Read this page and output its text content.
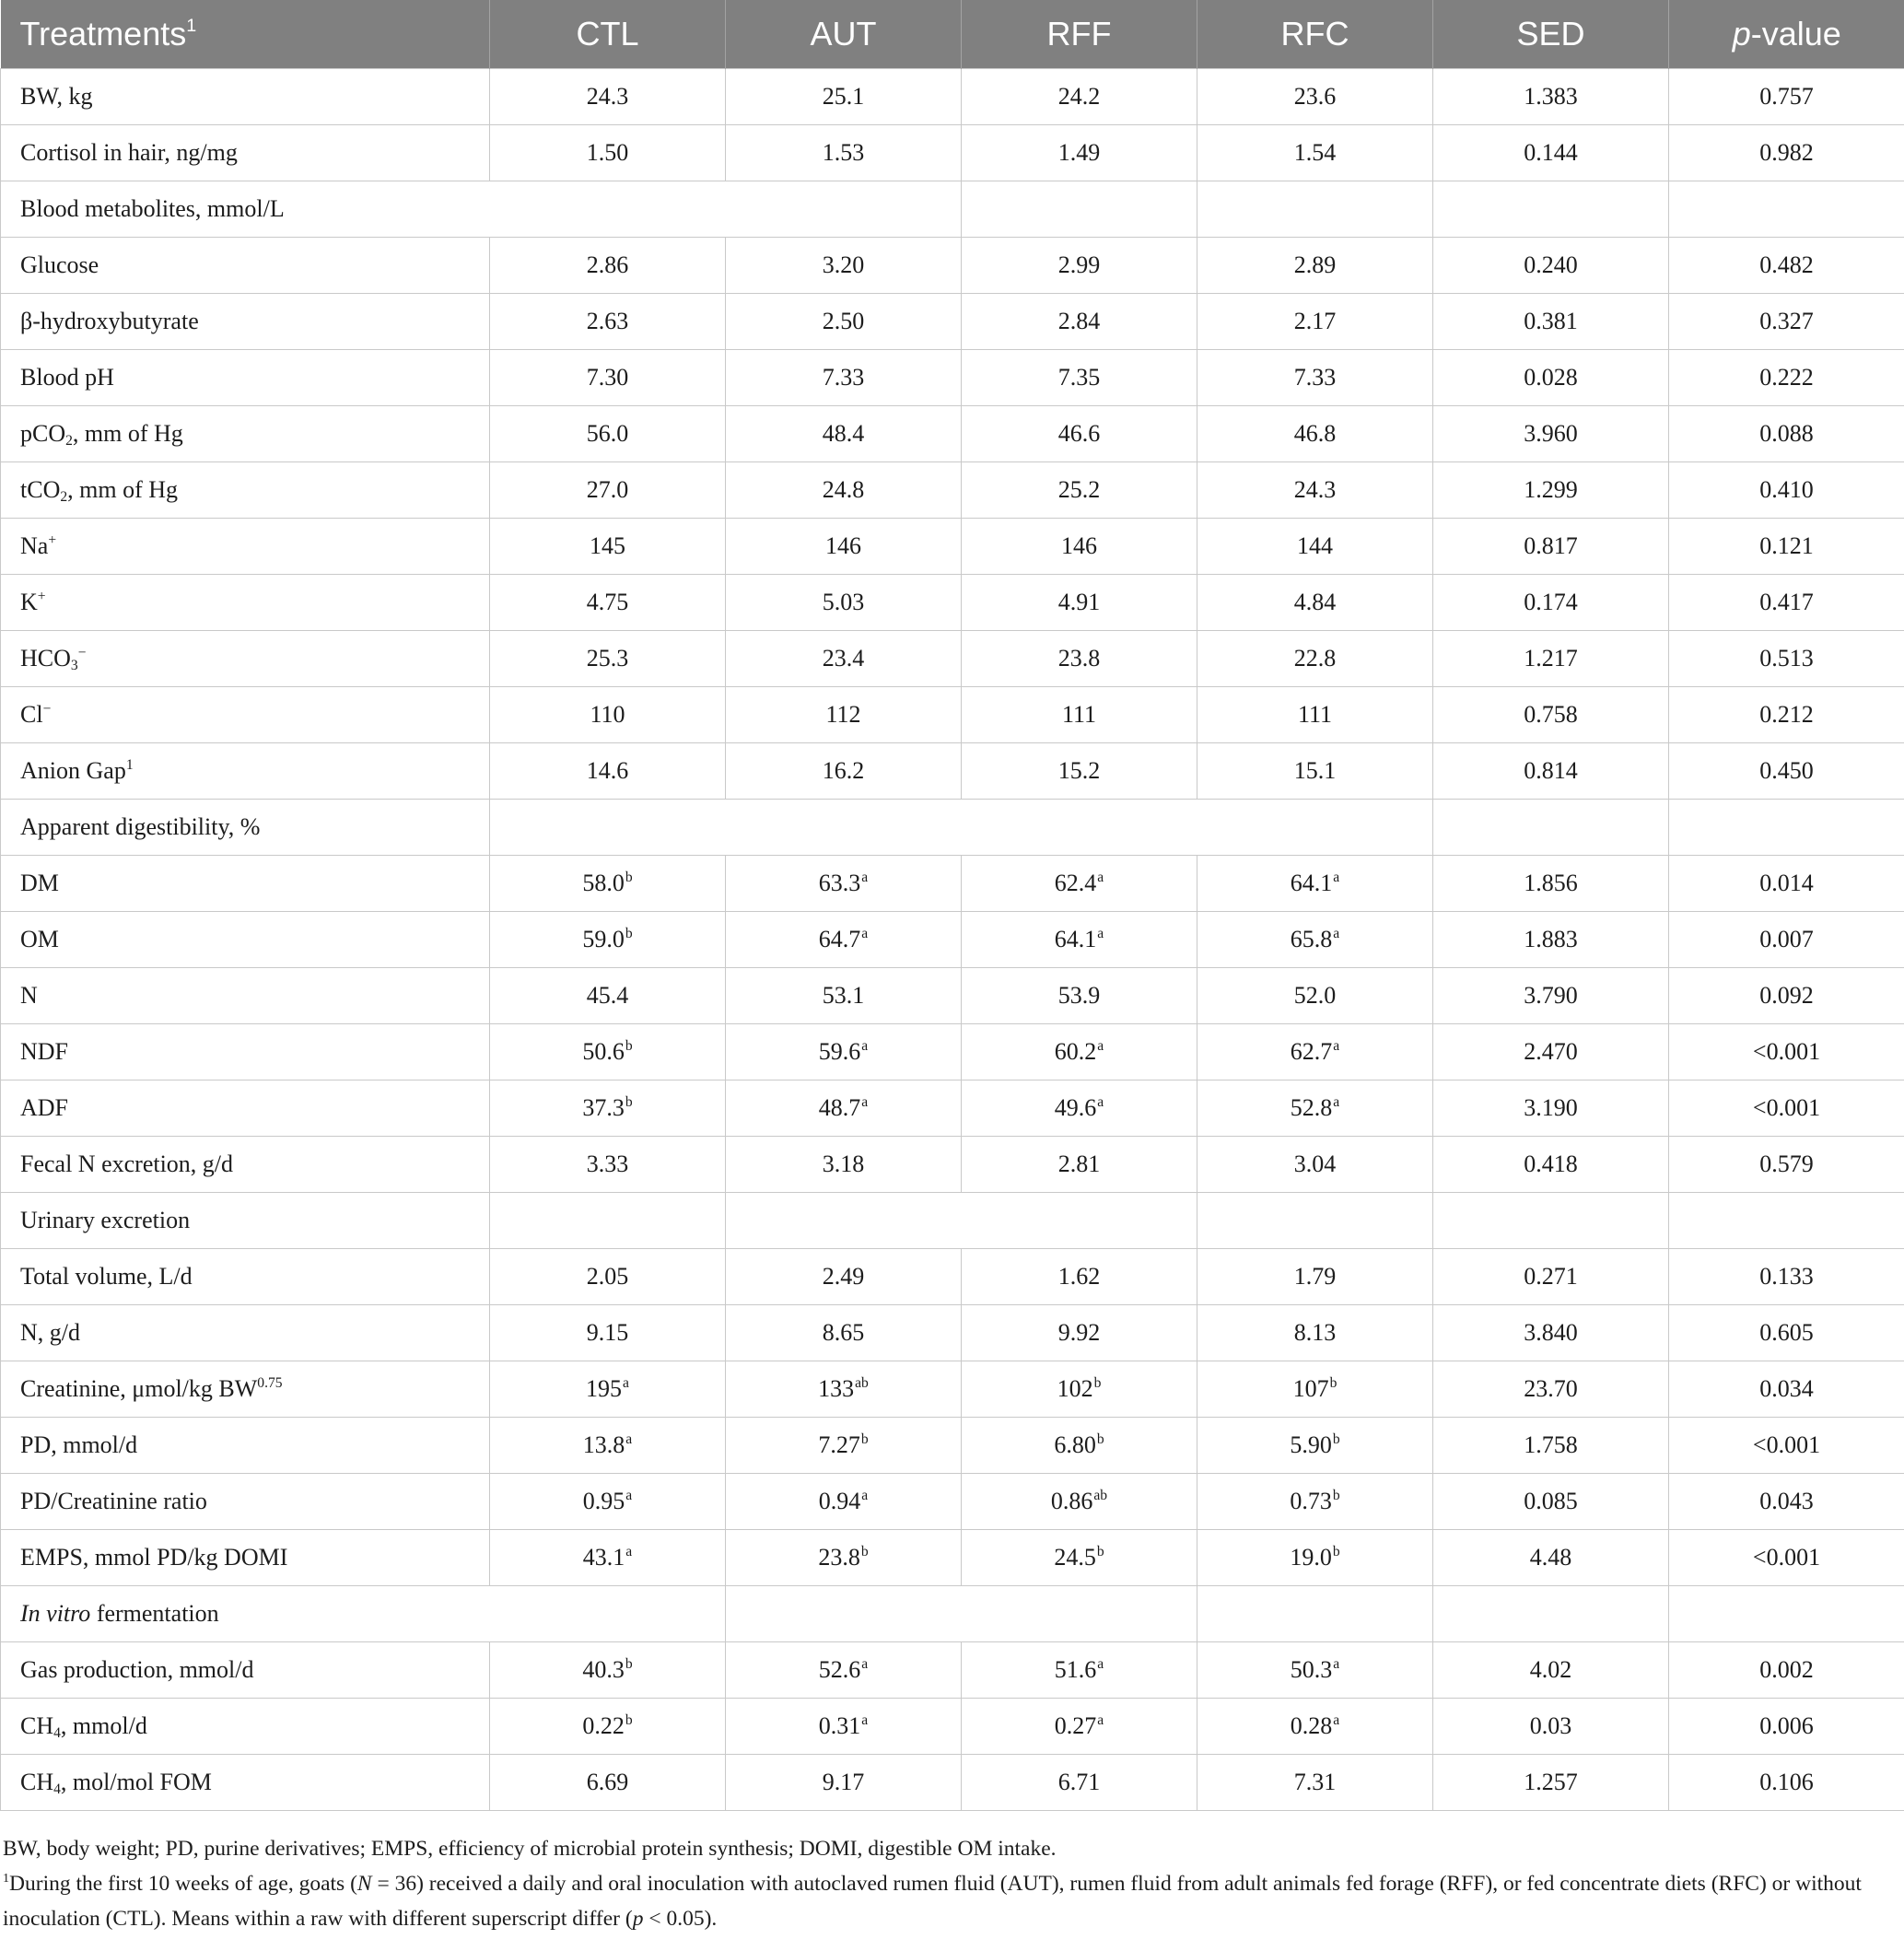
Treatments$^1$	CTL	AUT	RFF	RFC	SED	p-value
BW, kg	24.3	25.1	24.2	23.6	1.383	0.757
Cortisol in hair, ng/mg	1.50	1.53	1.49	1.54	0.144	0.982
Blood metabolites, mmol/L						
Glucose	2.86	3.20	2.99	2.89	0.240	0.482
β-hydroxybutyrate	2.63	2.50	2.84	2.17	0.381	0.327
Blood pH	7.30	7.33	7.35	7.33	0.028	0.222
pCO$_2$, mm of Hg	56.0	48.4	46.6	46.8	3.960	0.088
tCO$_2$, mm of Hg	27.0	24.8	25.2	24.3	1.299	0.410
Na+	145	146	146	144	0.817	0.121
K+	4.75	5.03	4.91	4.84	0.174	0.417
$HCO_3^-$	25.3	23.4	23.8	22.8	1.217	0.513
Cl−	110	112	111	111	0.758	0.212
Anion Gap$^1$	14.6	16.2	15.2	15.1	0.814	0.450
Apparent digestibility, %						
DM	58.0$^b$	63.3$^a$	62.4$^a$	64.1$^a$	1.856	0.014
OM	59.0$^b$	64.7$^a$	64.1$^a$	65.8$^a$	1.883	0.007
N	45.4	53.1	53.9	52.0	3.790	0.092
NDF	50.6$^b$	59.6$^a$	60.2$^a$	62.7$^a$	2.470	<0.001
ADF	37.3$^b$	48.7$^a$	49.6$^a$	52.8$^a$	3.190	<0.001
Fecal N excretion, g/d	3.33	3.18	2.81	3.04	0.418	0.579
Urinary excretion						
Total volume, L/d	2.05	2.49	1.62	1.79	0.271	0.133
N, g/d	9.15	8.65	9.92	8.13	3.840	0.605
Creatinine, μmol/kg $BW^{0.75}$	195$^a$	$133^{ab}$	102$^b$	107$^b$	23.70	0.034
PD, mmol/d	13.8$^a$	7.27$^b$	6.80$^b$	5.90$^b$	1.758	<0.001
PD/Creatinine ratio	0.95$^a$	0.94$^a$	0.86$^{ab}$	0.73$^b$	0.085	0.043
EMPS, mmol PD/kg DOMI	43.1$^a$	23.8$^b$	24.5$^b$	19.0$^b$	4.48	<0.001
In vitro fermentation						
Gas production, mmol/d	40.3$^b$	52.6$^a$	51.6$^a$	50.3$^a$	4.02	0.002
$CH_4$, mmol/d	0.22$^b$	0.31$^a$	0.27$^a$	0.28$^a$	0.03	0.006
$CH_4$, mol/mol FOM	6.69	9.17	6.71	7.31	1.257	0.106

BW, body weight; PD, purine derivatives; EMPS, efficiency of microbial protein synthesis; DOMI, digestible OM intake.

$^1$During the first 10 weeks of age, goats (N = 36) received a daily and oral inoculation with autoclaved rumen fluid (AUT), rumen fluid from adult animals fed forage (RFF), or fed concentrate diets (RFC) or without inoculation (CTL). Means within a raw with different superscript differ (p < 0.05).
